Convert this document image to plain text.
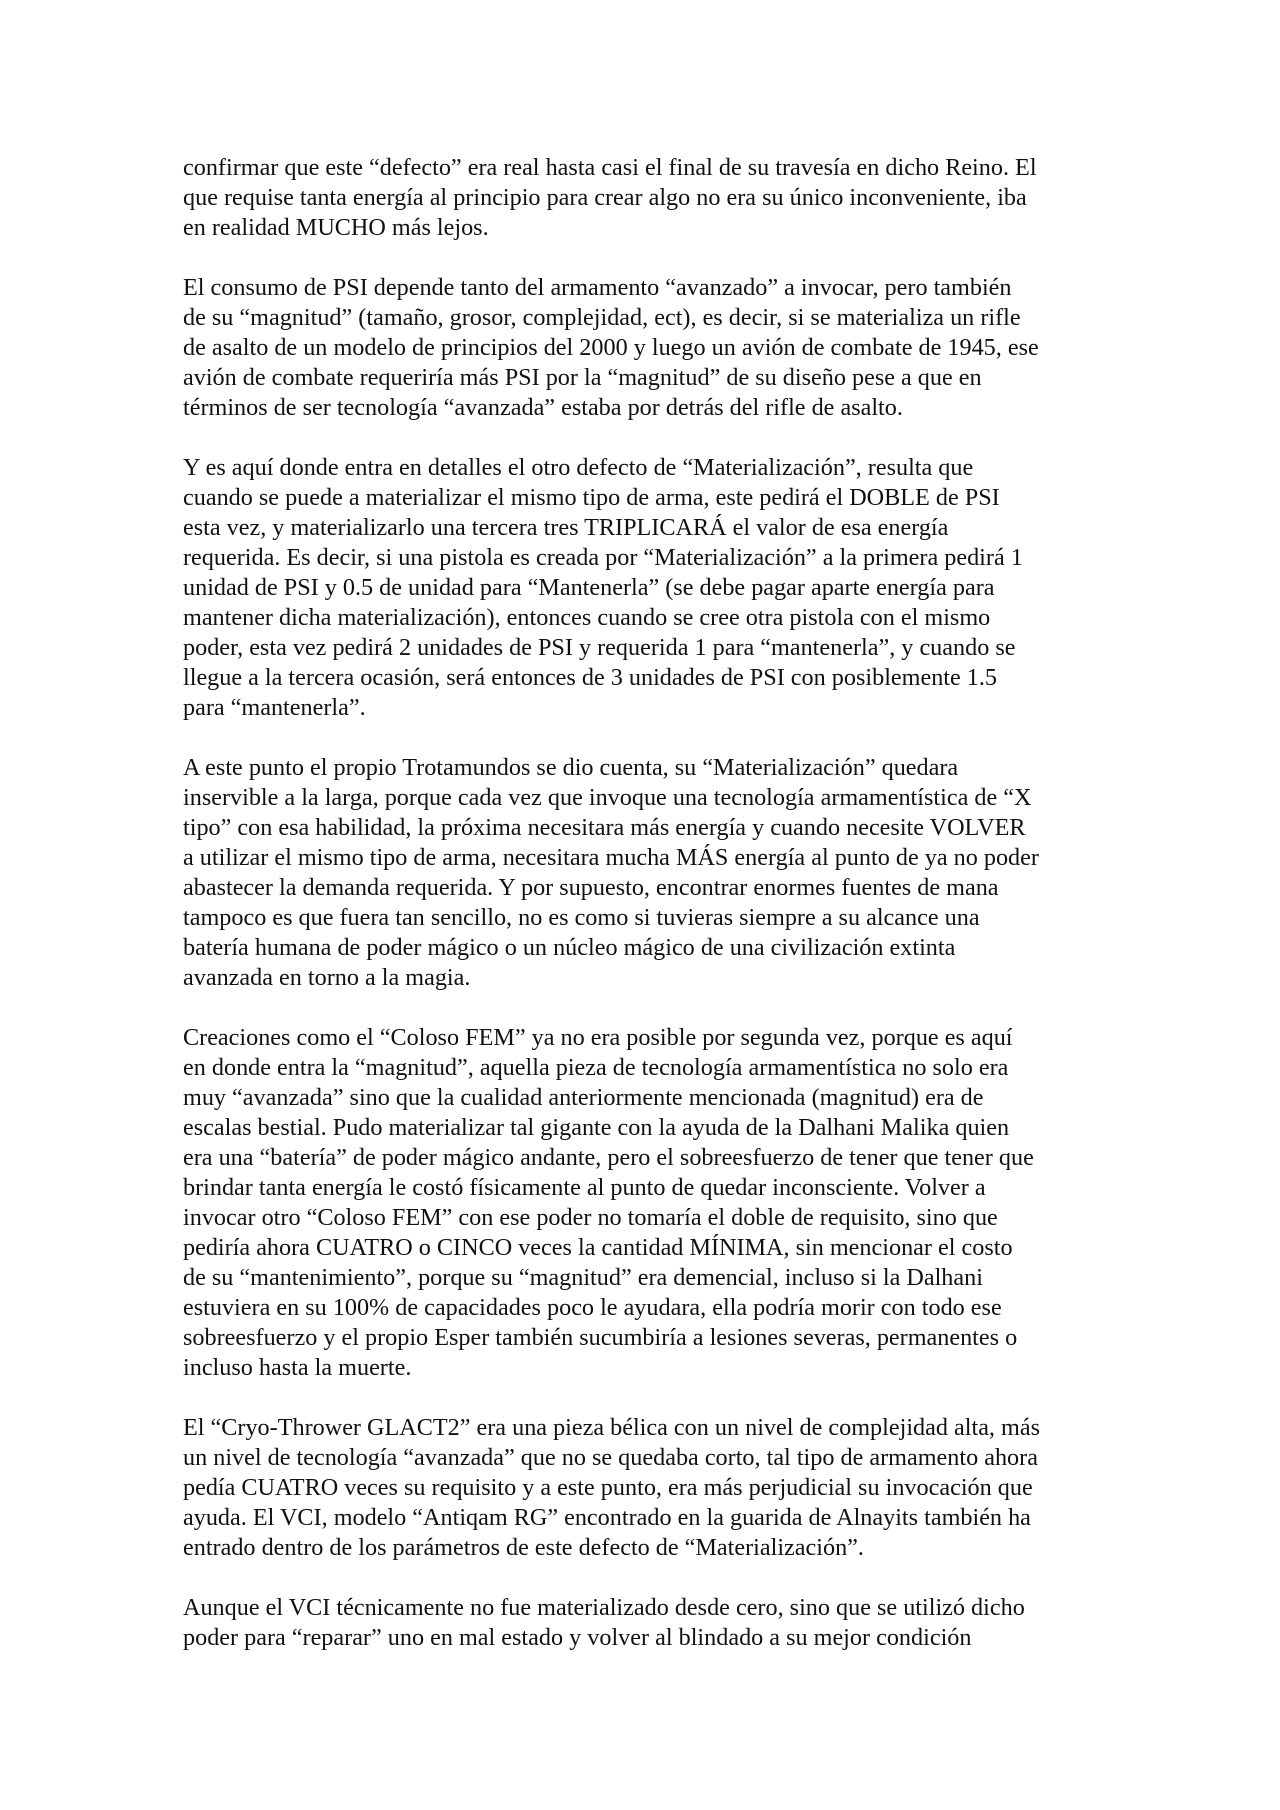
confirmar que este “defecto” era real hasta casi el final de su travesía en dicho Reino. El
que requise tanta energía al principio para crear algo no era su único inconveniente, iba
en realidad MUCHO más lejos.

El consumo de PSI depende tanto del armamento “avanzado” a invocar, pero también
de su “magnitud” (tamaño, grosor, complejidad, ect), es decir, si se materializa un rifle
de asalto de un modelo de principios del 2000 y luego un avión de combate de 1945, ese
avión de combate requeriría más PSI por la “magnitud” de su diseño pese a que en
términos de ser tecnología “avanzada” estaba por detrás del rifle de asalto.

Y es aquí donde entra en detalles el otro defecto de “Materialización”, resulta que
cuando se puede a materializar el mismo tipo de arma, este pedirá el DOBLE de PSI
esta vez, y materializarlo una tercera tres TRIPLICARÁ el valor de esa energía
requerida. Es decir, si una pistola es creada por “Materialización” a la primera pedirá 1
unidad de PSI y 0.5 de unidad para “Mantenerla” (se debe pagar aparte energía para
mantener dicha materialización), entonces cuando se cree otra pistola con el mismo
poder, esta vez pedirá 2 unidades de PSI y requerida 1 para “mantenerla”, y cuando se
llegue a la tercera ocasión, será entonces de 3 unidades de PSI con posiblemente 1.5
para “mantenerla”.

A este punto el propio Trotamundos se dio cuenta, su “Materialización” quedara
inservible a la larga, porque cada vez que invoque una tecnología armamentística de “X
tipo” con esa habilidad, la próxima necesitara más energía y cuando necesite VOLVER
a utilizar el mismo tipo de arma, necesitara mucha MÁS energía al punto de ya no poder
abastecer la demanda requerida. Y por supuesto, encontrar enormes fuentes de mana
tampoco es que fuera tan sencillo, no es como si tuvieras siempre a su alcance una
batería humana de poder mágico o un núcleo mágico de una civilización extinta
avanzada en torno a la magia.

Creaciones como el “Coloso FEM” ya no era posible por segunda vez, porque es aquí
en donde entra la “magnitud”, aquella pieza de tecnología armamentística no solo era
muy “avanzada” sino que la cualidad anteriormente mencionada (magnitud) era de
escalas bestial. Pudo materializar tal gigante con la ayuda de la Dalhani Malika quien
era una “batería” de poder mágico andante, pero el sobreesfuerzo de tener que tener que
brindar tanta energía le costó físicamente al punto de quedar inconsciente. Volver a
invocar otro “Coloso FEM” con ese poder no tomaría el doble de requisito, sino que
pediría ahora CUATRO o CINCO veces la cantidad MÍNIMA, sin mencionar el costo
de su “mantenimiento”, porque su “magnitud” era demencial, incluso si la Dalhani
estuviera en su 100% de capacidades poco le ayudara, ella podría morir con todo ese
sobreesfuerzo y el propio Esper también sucumbiría a lesiones severas, permanentes o
incluso hasta la muerte.

El “Cryo-Thrower GLACT2” era una pieza bélica con un nivel de complejidad alta, más
un nivel de tecnología “avanzada” que no se quedaba corto, tal tipo de armamento ahora
pedía CUATRO veces su requisito y a este punto, era más perjudicial su invocación que
ayuda. El VCI, modelo “Antiqam RG” encontrado en la guarida de Alnayits también ha
entrado dentro de los parámetros de este defecto de “Materialización”.

Aunque el VCI técnicamente no fue materializado desde cero, sino que se utilizó dicho
poder para “reparar” uno en mal estado y volver al blindado a su mejor condición
